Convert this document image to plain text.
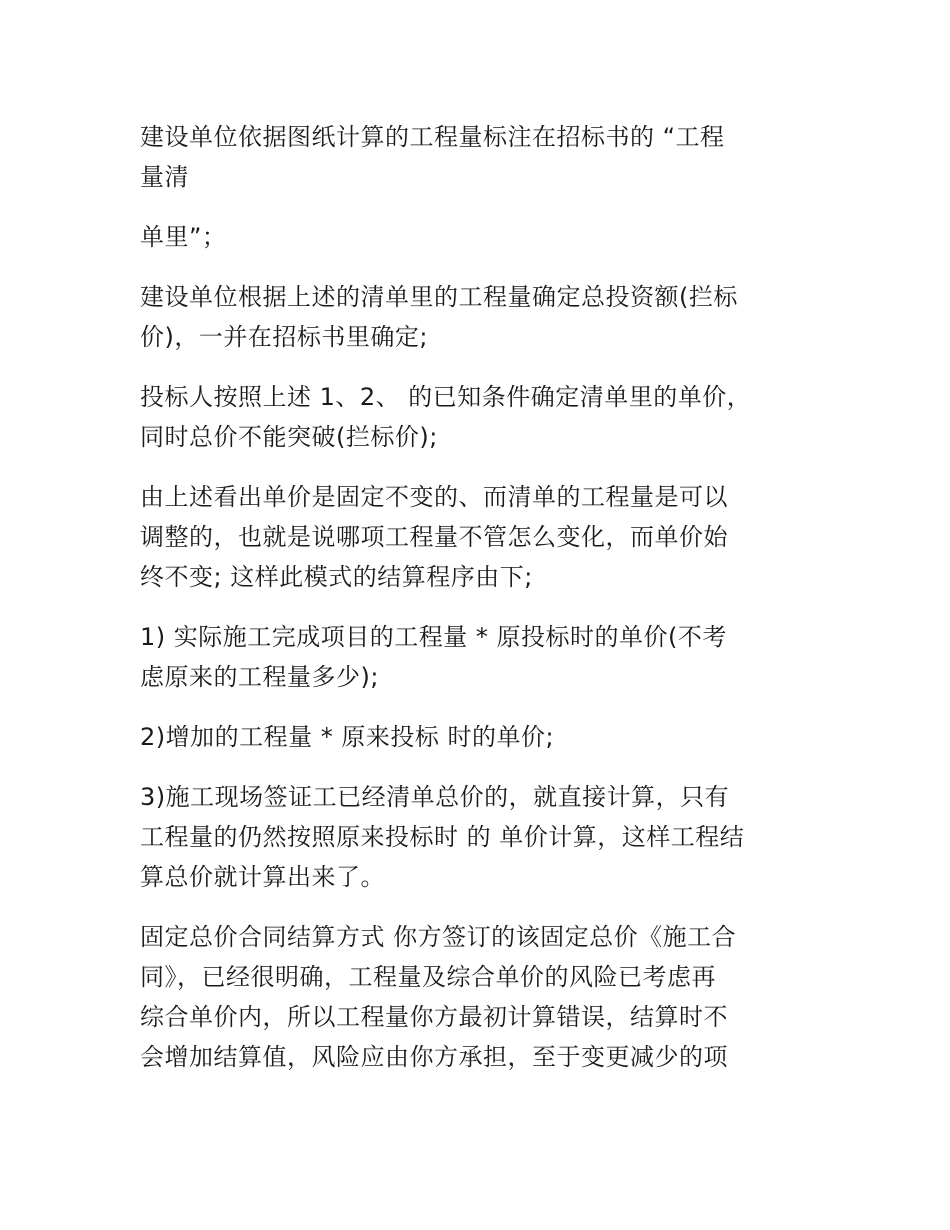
建设单位依据图纸计算的工程量标注在招标书的 “工程
量清

单里”；

建设单位根据上述的清单里的工程量确定总投资额(拦标
价)，一并在招标书里确定;

投标人按照上述 1、2、 的已知条件确定清单里的单价，
同时总价不能突破(拦标价);

由上述看出单价是固定不变的、而清单的工程量是可以
调整的，也就是说哪项工程量不管怎么变化，而单价始
终不变; 这样此模式的结算程序由下;

1) 实际施工完成项目的工程量 * 原投标时的单价(不考
虑原来的工程量多少);

2)增加的工程量 * 原来投标 时的单价;

3)施工现场签证工已经清单总价的，就直接计算，只有
工程量的仍然按照原来投标时 的 单价计算，这样工程结
算总价就计算出来了。

固定总价合同结算方式 你方签订的该固定总价《施工合
同》，已经很明确，工程量及综合单价的风险已考虑再
综合单价内，所以工程量你方最初计算错误，结算时不
会增加结算值，风险应由你方承担，至于变更减少的项
